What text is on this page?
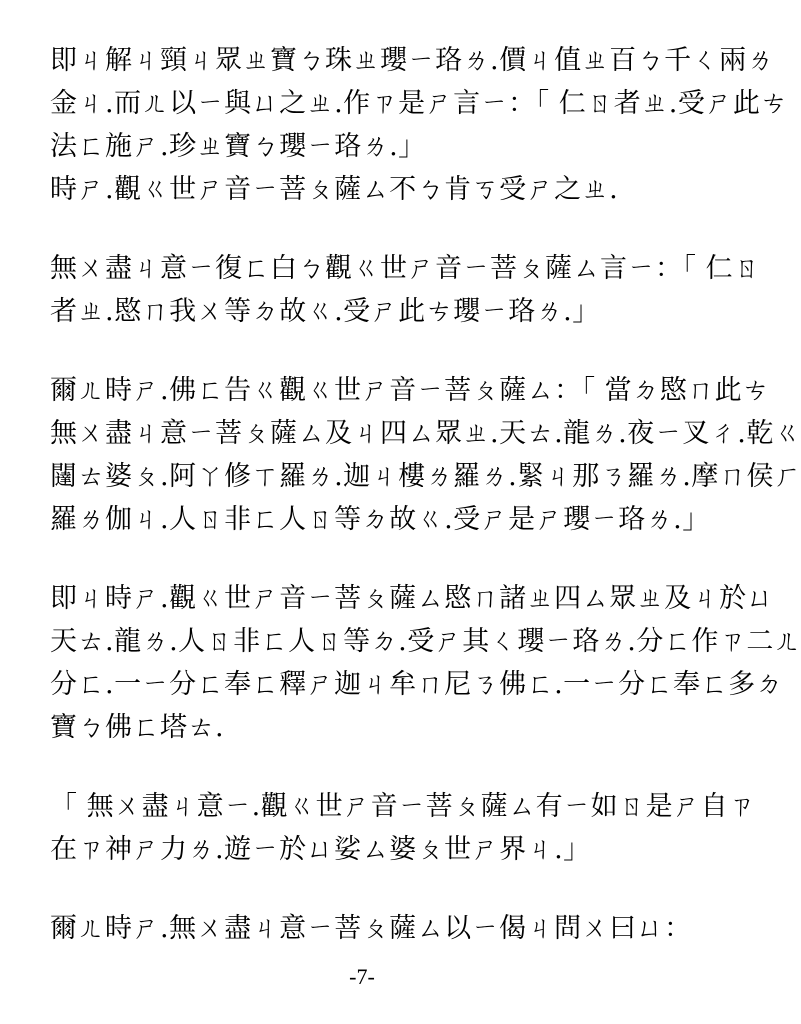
即ㄐ解ㄐ頸ㄐ眾ㄓ寶ㄅ珠ㄓ瓔ㄧ珞ㄌ.價ㄐ值ㄓ百ㄅ千ㄑ兩ㄌ
金ㄐ.而ㄦ以ㄧ與ㄩ之ㄓ.作ㄗ是ㄕ言ㄧ：「 仁ㄖ者ㄓ.受ㄕ此ㄘ
法ㄈ施ㄕ.珍ㄓ寶ㄅ瓔ㄧ珞ㄌ.」
時ㄕ.觀ㄍ世ㄕ音ㄧ菩ㄆ薩ㄙ不ㄅ肯ㄎ受ㄕ之ㄓ.
無ㄨ盡ㄐ意ㄧ復ㄈ白ㄅ觀ㄍ世ㄕ音ㄧ菩ㄆ薩ㄙ言ㄧ：「 仁ㄖ
者ㄓ.愍ㄇ我ㄨ等ㄉ故ㄍ.受ㄕ此ㄘ瓔ㄧ珞ㄌ.」
爾ㄦ時ㄕ.佛ㄈ告ㄍ觀ㄍ世ㄕ音ㄧ菩ㄆ薩ㄙ：「 當ㄉ愍ㄇ此ㄘ
無ㄨ盡ㄐ意ㄧ菩ㄆ薩ㄙ及ㄐ四ㄙ眾ㄓ.天ㄊ.龍ㄌ.夜ㄧ叉ㄔ.乾ㄍ
闥ㄊ婆ㄆ.阿ㄚ修ㄒ羅ㄌ.迦ㄐ樓ㄌ羅ㄌ.緊ㄐ那ㄋ羅ㄌ.摩ㄇ侯ㄏ
羅ㄌ伽ㄐ.人ㄖ非ㄈ人ㄖ等ㄉ故ㄍ.受ㄕ是ㄕ瓔ㄧ珞ㄌ.」
即ㄐ時ㄕ.觀ㄍ世ㄕ音ㄧ菩ㄆ薩ㄙ愍ㄇ諸ㄓ四ㄙ眾ㄓ及ㄐ於ㄩ
天ㄊ.龍ㄌ.人ㄖ非ㄈ人ㄖ等ㄉ.受ㄕ其ㄑ瓔ㄧ珞ㄌ.分ㄈ作ㄗ二ㄦ
分ㄈ.一ㄧ分ㄈ奉ㄈ釋ㄕ迦ㄐ牟ㄇ尼ㄋ佛ㄈ.一ㄧ分ㄈ奉ㄈ多ㄉ
寶ㄅ佛ㄈ塔ㄊ.
「 無ㄨ盡ㄐ意ㄧ.觀ㄍ世ㄕ音ㄧ菩ㄆ薩ㄙ有ㄧ如ㄖ是ㄕ自ㄗ
在ㄗ神ㄕ力ㄌ.遊ㄧ於ㄩ娑ㄙ婆ㄆ世ㄕ界ㄐ.」
爾ㄦ時ㄕ.無ㄨ盡ㄐ意ㄧ菩ㄆ薩ㄙ以ㄧ偈ㄐ問ㄨ曰ㄩ：
-7-
